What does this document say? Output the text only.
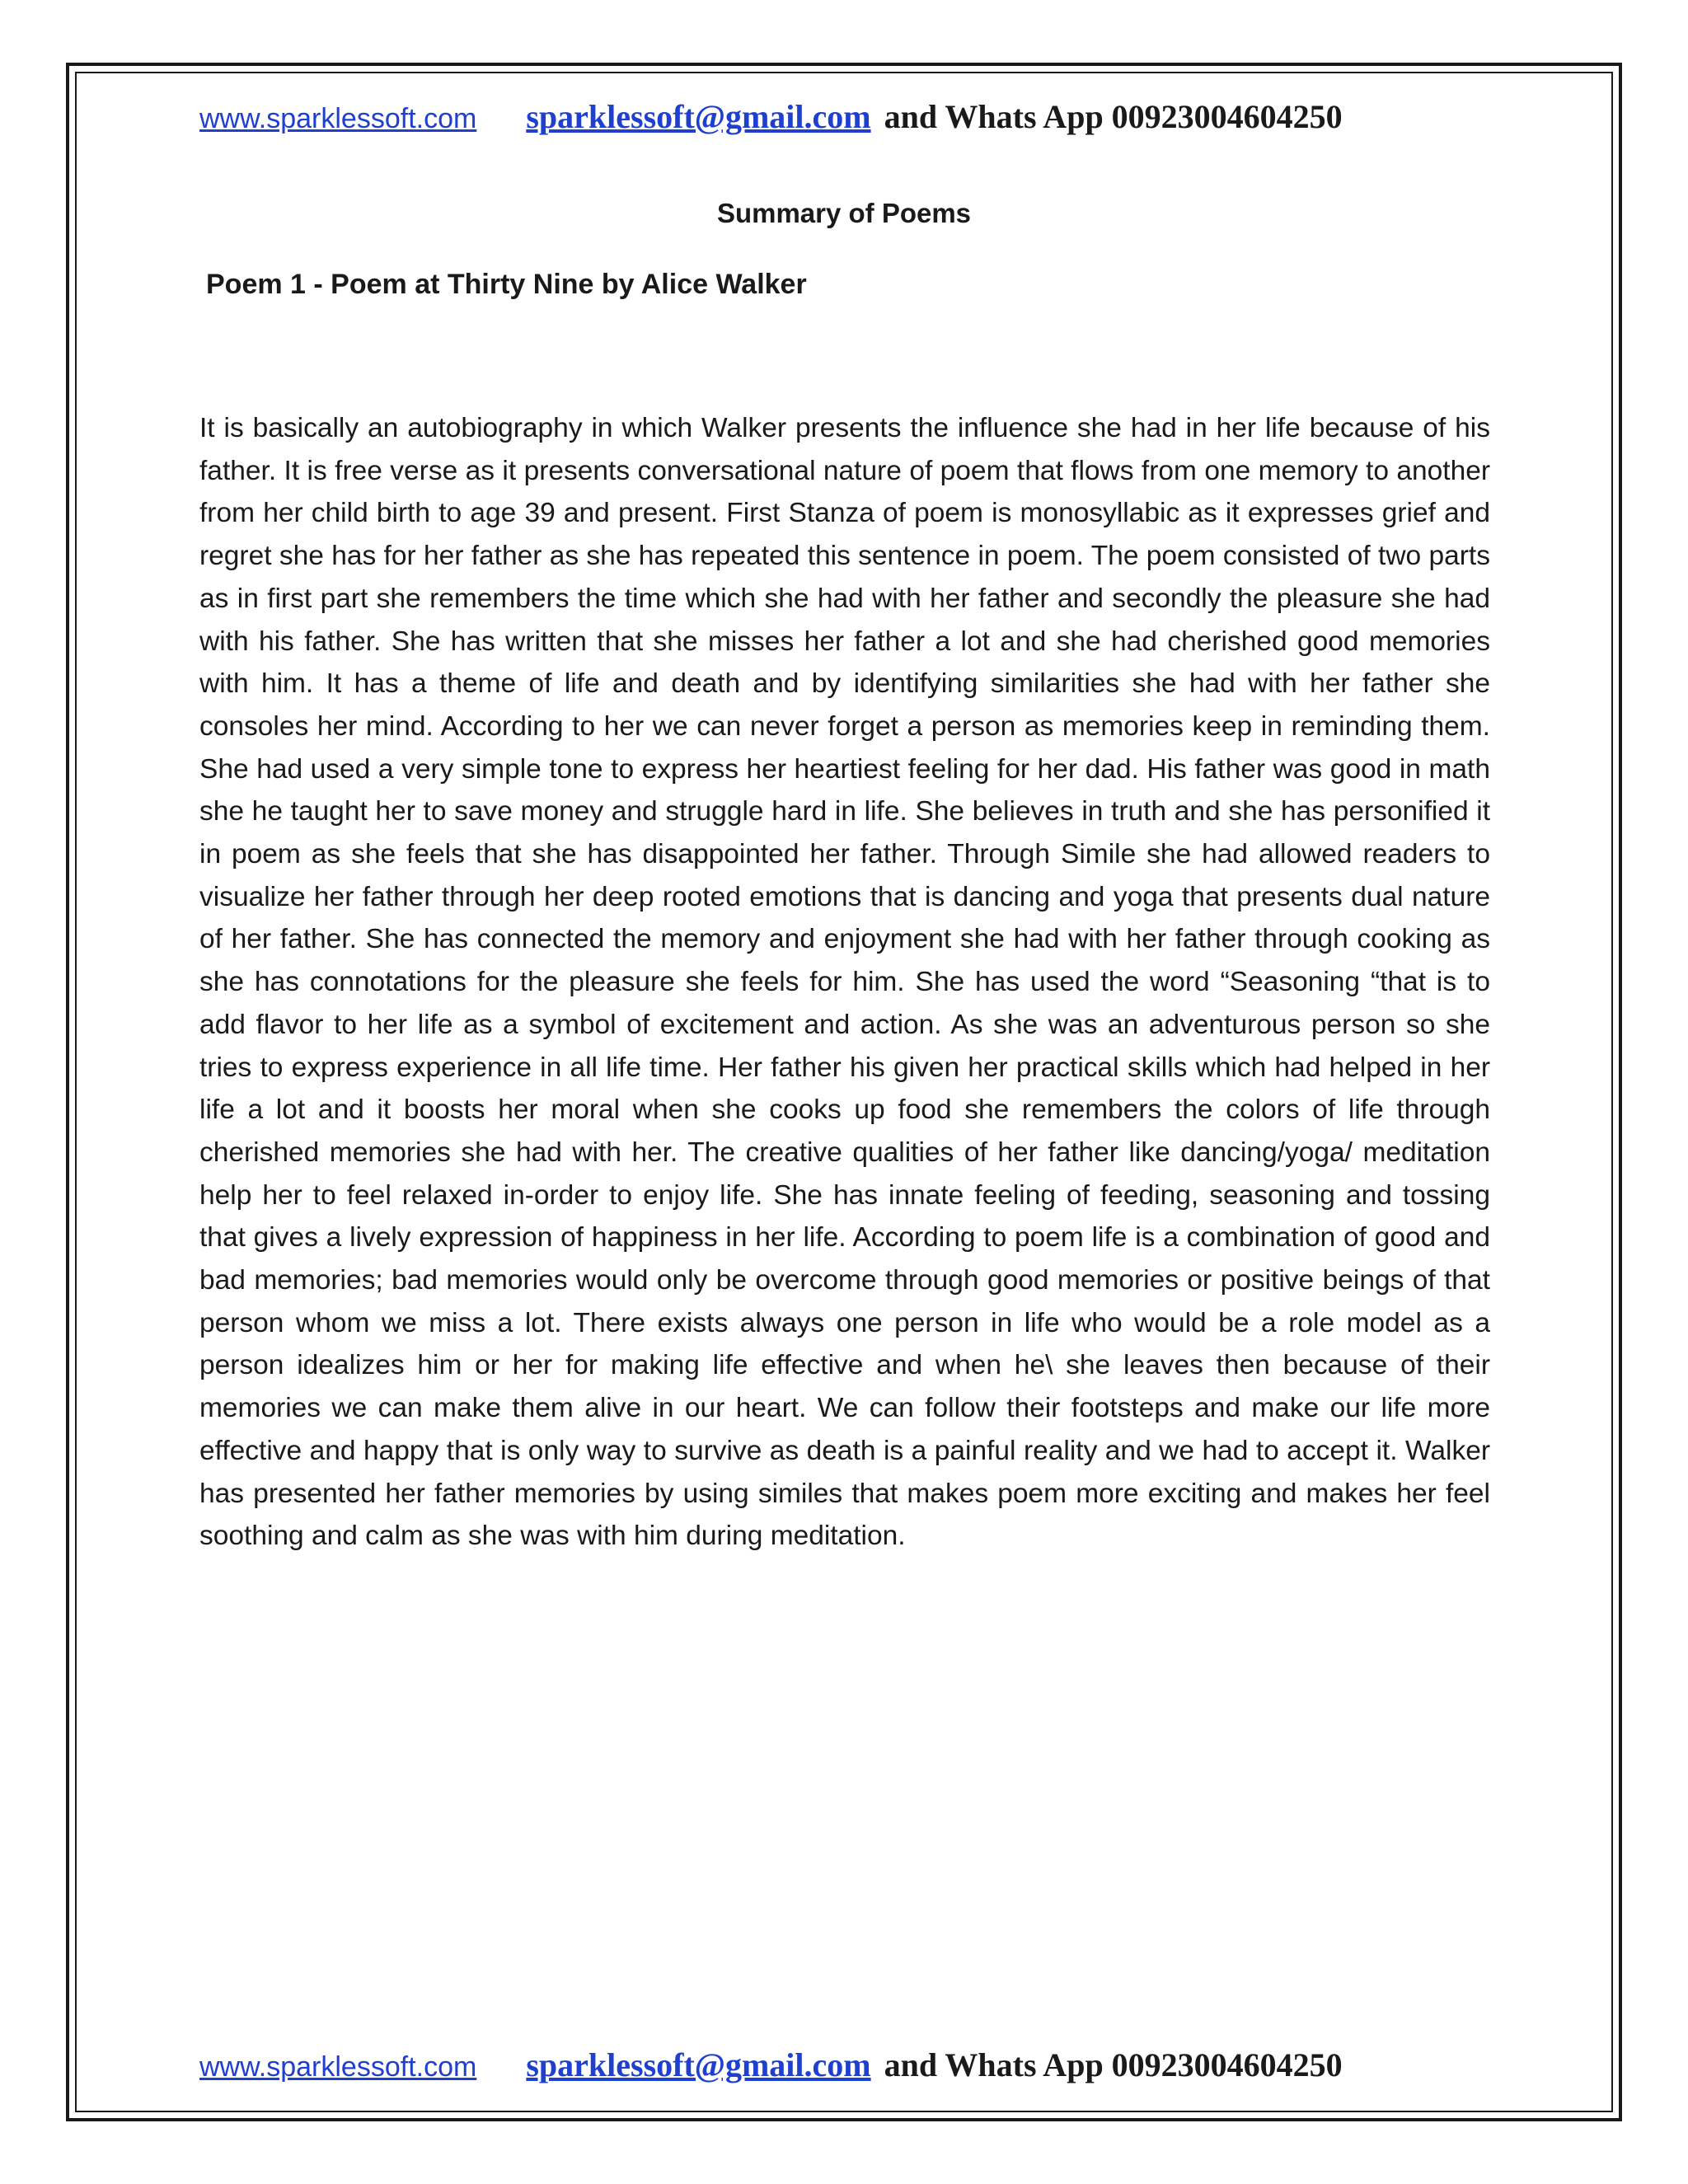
www.sparklessoft.com sparklessoft@gmail.com and Whats App 00923004604250
Summary of Poems
Poem 1 - Poem at Thirty Nine by Alice Walker

It is basically an autobiography in which Walker presents the influence she had in her life because of his father. It is free verse as it presents conversational nature of poem that flows from one memory to another from her child birth to age 39 and present. First Stanza of poem is monosyllabic as it expresses grief and regret she has for her father as she has repeated this sentence in poem. The poem consisted of two parts as in first part she remembers the time which she had with her father and secondly the pleasure she had with his father. She has written that she misses her father a lot and she had cherished good memories with him. It has a theme of life and death and by identifying similarities she had with her father she consoles her mind. According to her we can never forget a person as memories keep in reminding them. She had used a very simple tone to express her heartiest feeling for her dad. His father was good in math she he taught her to save money and struggle hard in life. She believes in truth and she has personified it in poem as she feels that she has disappointed her father. Through Simile she had allowed readers to visualize her father through her deep rooted emotions that is dancing and yoga that presents dual nature of her father. She has connected the memory and enjoyment she had with her father through cooking as she has connotations for the pleasure she feels for him. She has used the word “Seasoning “that is to add flavor to her life as a symbol of excitement and action. As she was an adventurous person so she tries to express experience in all life time. Her father his given her practical skills which had helped in her life a lot and it boosts her moral when she cooks up food she remembers the colors of life through cherished memories she had with her. The creative qualities of her father like dancing/yoga/ meditation help her to feel relaxed in-order to enjoy life. She has innate feeling of feeding, seasoning and tossing that gives a lively expression of happiness in her life. According to poem life is a combination of good and bad memories; bad memories would only be overcome through good memories or positive beings of that person whom we miss a lot. There exists always one person in life who would be a role model as a person idealizes him or her for making life effective and when he\ she leaves then because of their memories we can make them alive in our heart. We can follow their footsteps and make our life more effective and happy that is only way to survive as death is a painful reality and we had to accept it. Walker has presented her father memories by using similes that makes poem more exciting and makes her feel soothing and calm as she was with him during meditation.

www.sparklessoft.com sparklessoft@gmail.com and Whats App 00923004604250
